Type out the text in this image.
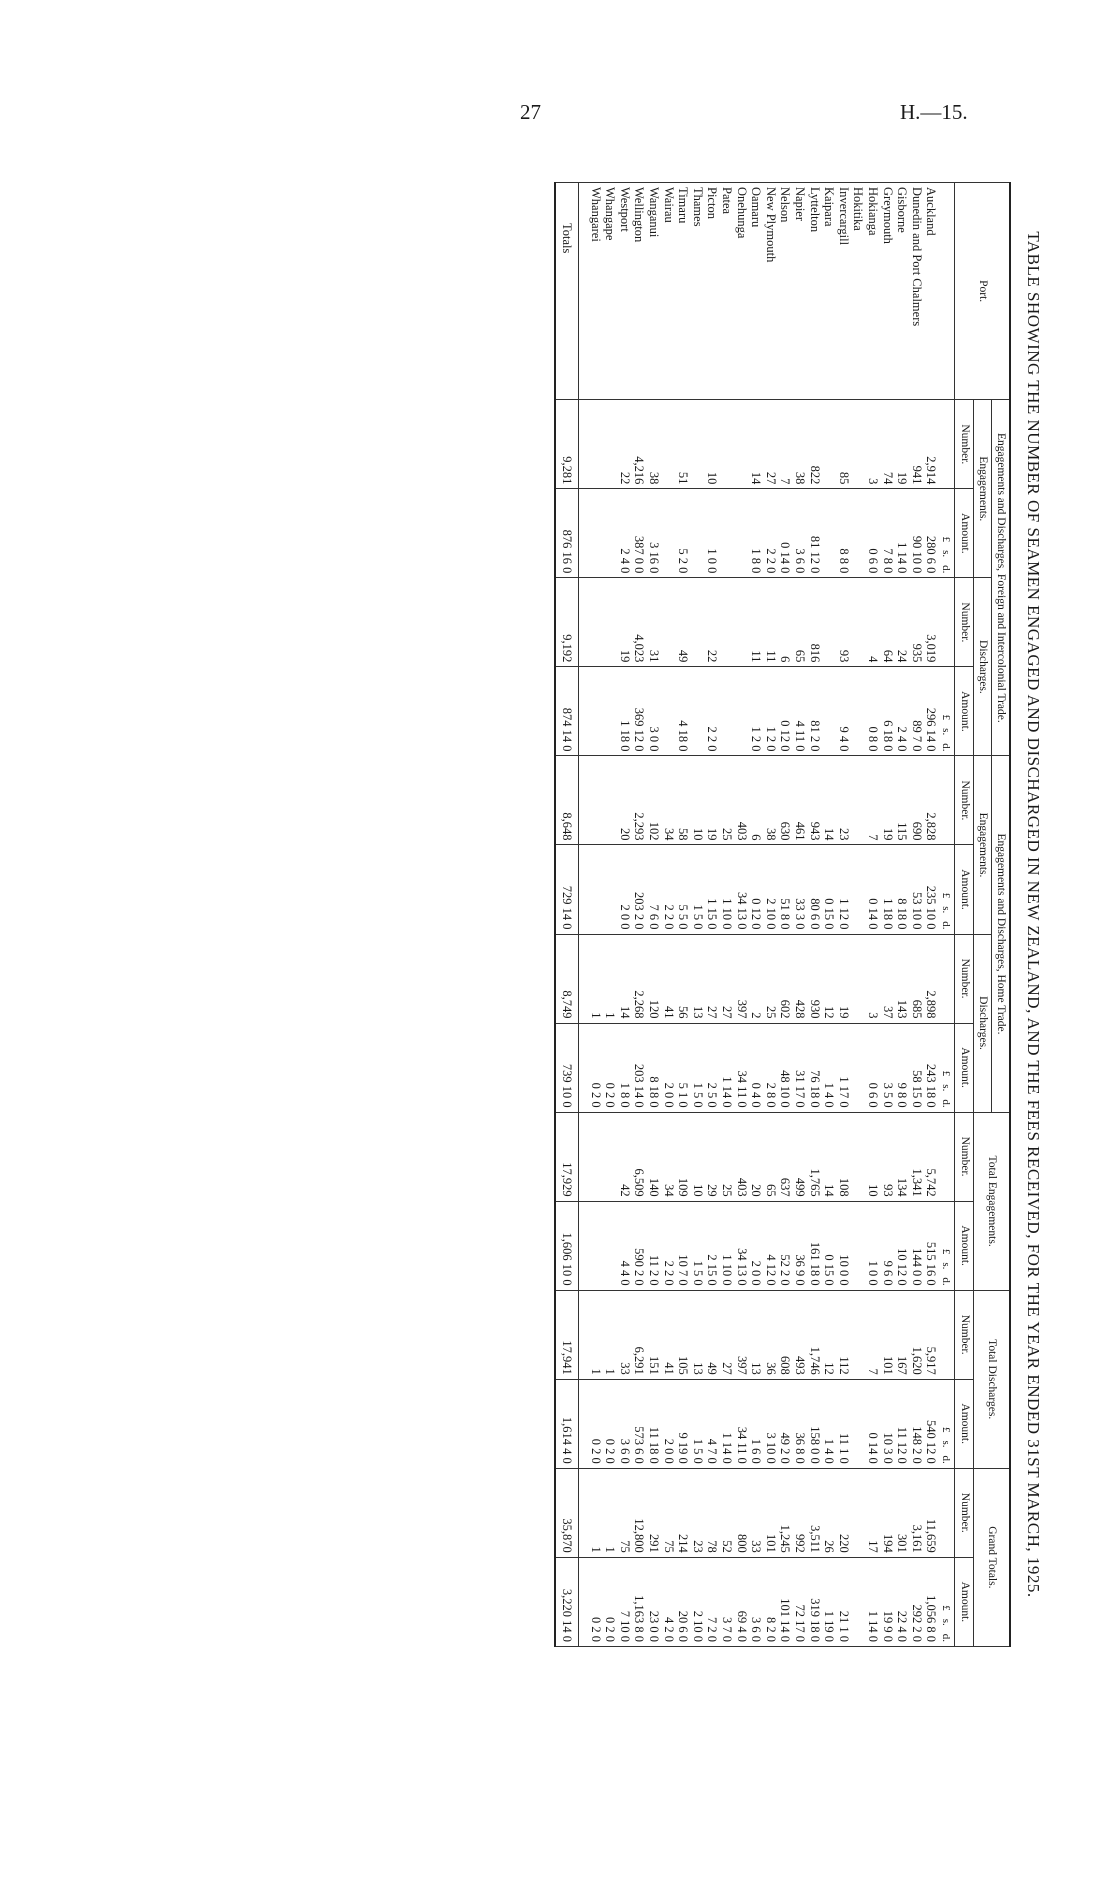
27	H.—15.
TABLE SHOWING THE NUMBER OF SEAMEN ENGAGED AND DISCHARGED IN NEW ZEALAND, AND THE FEES RECEIVED, FOR THE YEAR ENDED 31ST MARCH, 1925.
Port.	Engagements and Discharges, Foreign and Intercolonial Trade.				Engagements and Discharges, Home Trade.				Total Engagements.		Total Discharges.		Grand Totals.	
	Engagements.		Discharges.		Engagements.		Discharges.							
	Number.	Amount.	Number.	Amount.	Number.	Amount.	Number.	Amount.	Number.	Amount.	Number.	Amount.	Number.	Amount.
		£s.d.		£s.d.		£s.d.		£s.d.		£s.d.		£s.d.		£s.d.
Auckland	2,914	280 6 0	3,019	296 14 0	2,828	235 10 0	2,898	243 18 0	5,742	515 16 0	5,917	540 12 0	11,659	1,056 8 0
Dunedin and Port Chalmers	941	90 10 0	935	89 7 0	690	53 10 0	685	58 15 0	1,341	144 0 0	1,620	148 2 0	3,161	292 2 0
Gisborne	19	1 14 0	24	2 4 0	115	8 18 0	143	9 8 0	134	10 12 0	167	11 12 0	301	22 4 0
Greymouth	74	7 8 0	64	6 18 0	19	1 18 0	37	3 5 0	93	9 6 0	101	10 3 0	194	19 9 0
Hokianga	3	0 6 0	4	0 8 0	7	0 14 0	3	0 6 0	10	1 0 0	7	0 14 0	17	1 14 0
Hokitika														
Invercargill	85	8 8 0	93	9 4 0	23	1 12 0	19	1 17 0	108	10 0 0	112	11 1 0	220	21 1 0
Kaipara					14	0 15 0	12	1 4 0	14	0 15 0	12	1 4 0	26	1 19 0
Lyttelton	822	81 12 0	816	81 2 0	943	80 6 0	930	76 18 0	1,765	161 18 0	1,746	158 0 0	3,511	319 18 0
Napier	38	3 6 0	65	4 11 0	461	33 3 0	428	31 17 0	499	36 9 0	493	36 8 0	992	72 17 0
Nelson	7	0 14 0	6	0 12 0	630	51 8 0	602	48 10 0	637	52 2 0	608	49 2 0	1,245	101 14 0
New Plymouth	27	2 2 0	11	1 2 0	38	2 10 0	25	2 8 0	65	4 12 0	36	3 10 0	101	8 2 0
Oamaru	14	1 8 0	11	1 2 0	6	0 12 0	2	0 4 0	20	2 0 0	13	1 6 0	33	3 6 0
Onehunga					403	34 13 0	397	34 11 0	403	34 13 0	397	34 11 0	800	69 4 0
Patea					25	1 10 0	27	1 14 0	25	1 10 0	27	1 14 0	52	3 7 0
Picton	10	1 0 0	22	2 2 0	19	1 15 0	27	2 5 0	29	2 15 0	49	4 7 0	78	7 2 0
Thames					10	1 5 0	13	1 5 0	10	1 5 0	13	1 5 0	23	2 10 0
Timaru	51	5 2 0	49	4 18 0	58	5 5 0	56	5 1 0	109	10 7 0	105	9 19 0	214	20 6 0
Wairau					34	2 2 0	41	2 0 0	34	2 2 0	41	2 0 0	75	4 2 0
Wanganui	38	3 16 0	31	3 0 0	102	7 6 0	120	8 18 0	140	11 2 0	151	11 18 0	291	23 0 0
Wellington	4,216	387 0 0	4,023	369 12 0	2,293	203 2 0	2,268	203 14 0	6,509	590 2 0	6,291	573 6 0	12,800	1,163 8 0
Westport	22	2 4 0	19	1 18 0	20	2 0 0	14	1 8 0	42	4 4 0	33	3 6 0	75	7 10 0
Whangape							1	0 2 0			1	0 2 0	1	0 2 0
Whangarei							1	0 2 0			1	0 2 0	1	0 2 0

Totals	9,281	876 16 0	9,192	874 14 0	8,648	729 14 0	8,749	739 10 0	17,929	1,606 10 0	17,941	1,614 4 0	35,870	3,220 14 0
